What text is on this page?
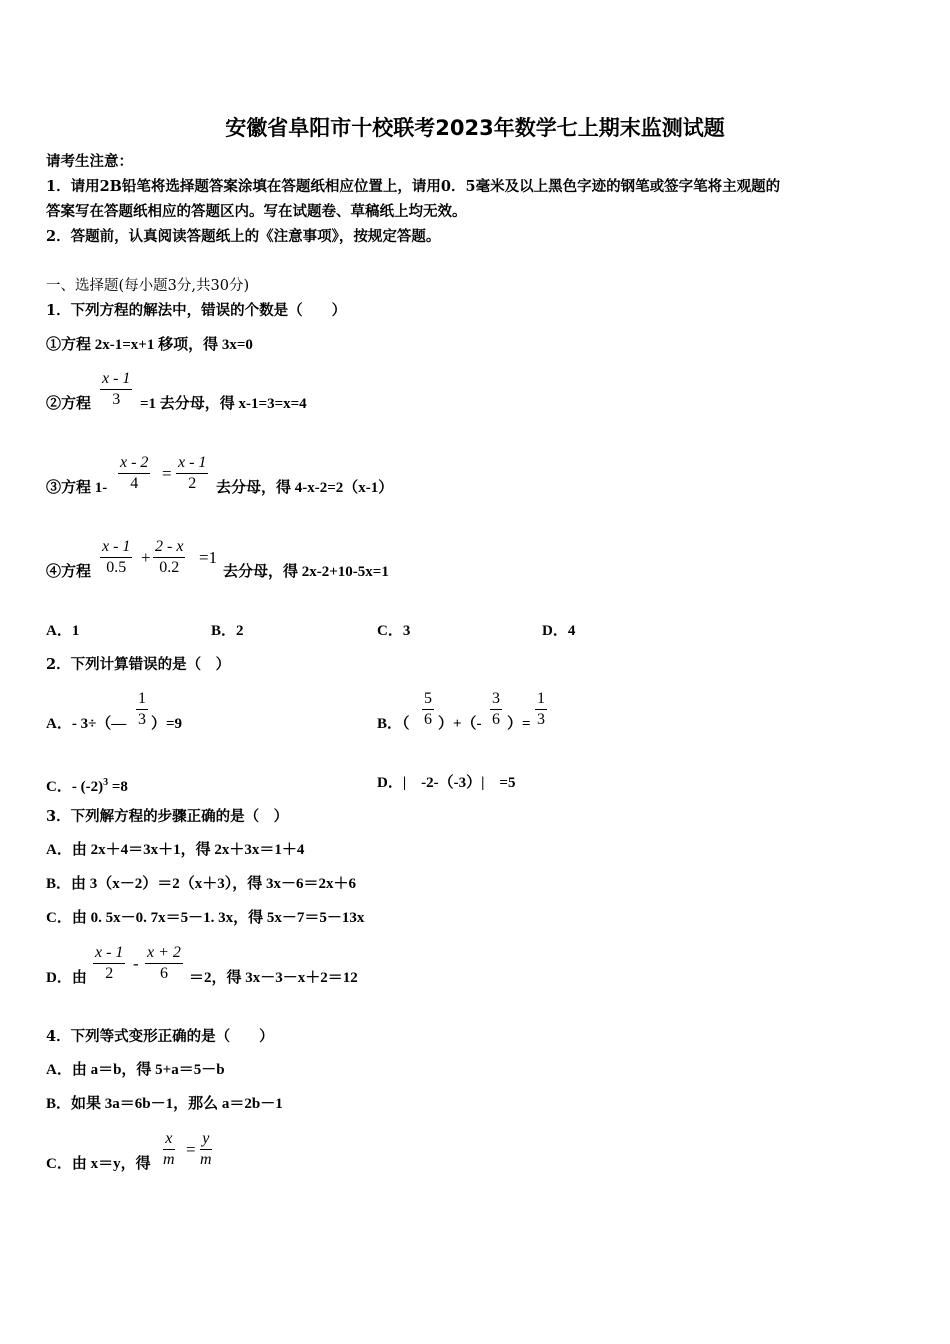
安徽省阜阳市十校联考2023年数学七上期末监测试题
请考生注意：
1．请用2B铅笔将选择题答案涂填在答题纸相应位置上，请用0．5毫米及以上黑色字迹的钢笔或签字笔将主观题的
答案写在答题纸相应的答题区内。写在试题卷、草稿纸上均无效。
2．答题前，认真阅读答题纸上的《注意事项》，按规定答题。
一、选择题(每小题3分,共30分)
1．下列方程的解法中，错误的个数是（　　）
①方程 2x-1=x+1 移项，得 3x=0
②方程 $\frac{x - 1}{3} =1$ 去分母，得 x-1=3=x=4
③方程 $1- \frac{x - 2}{4} = \frac{x - 1}{2}$ 去分母，得 4-x-2=2（x-1）
④方程 $\frac{x - 1}{0.5} + \frac{2 - x}{0.2} =1$
去分母，得 2x-2+10-5x=1
A．1	B．2	C．3	D．4
2．下列计算错误的是（　）
A．- 3÷（— $\frac{1}{3} )=9$	B．（ $\frac{5}{6}$ ）+（- $\frac{3}{6}$ ）= $\frac{1}{3}$
C．- $(-2)^3 =8$	D．|　-2-（-3）|　=5
3．下列解方程的步骤正确的是（　）
A．由 2x＋4＝3x＋1，得 2x＋3x＝1＋4
B．由 3（x－2）＝2（x＋3），得 3x－6＝2x＋6
C．由 0. 5x－0. 7x＝5－1. 3x，得 5x－7＝5－13x
D．由 $\frac{x - 1}{2} - \frac{x + 2}{6} =2$，得 3x－3－x＋2＝12
4．下列等式变形正确的是（　　）
A．由 a＝b，得 5+a＝5－b
B．如果 3a＝6b－1，那么 a＝2b－1
C．由 x＝y，得 $\frac{x}{m} = \frac{y}{m}$
